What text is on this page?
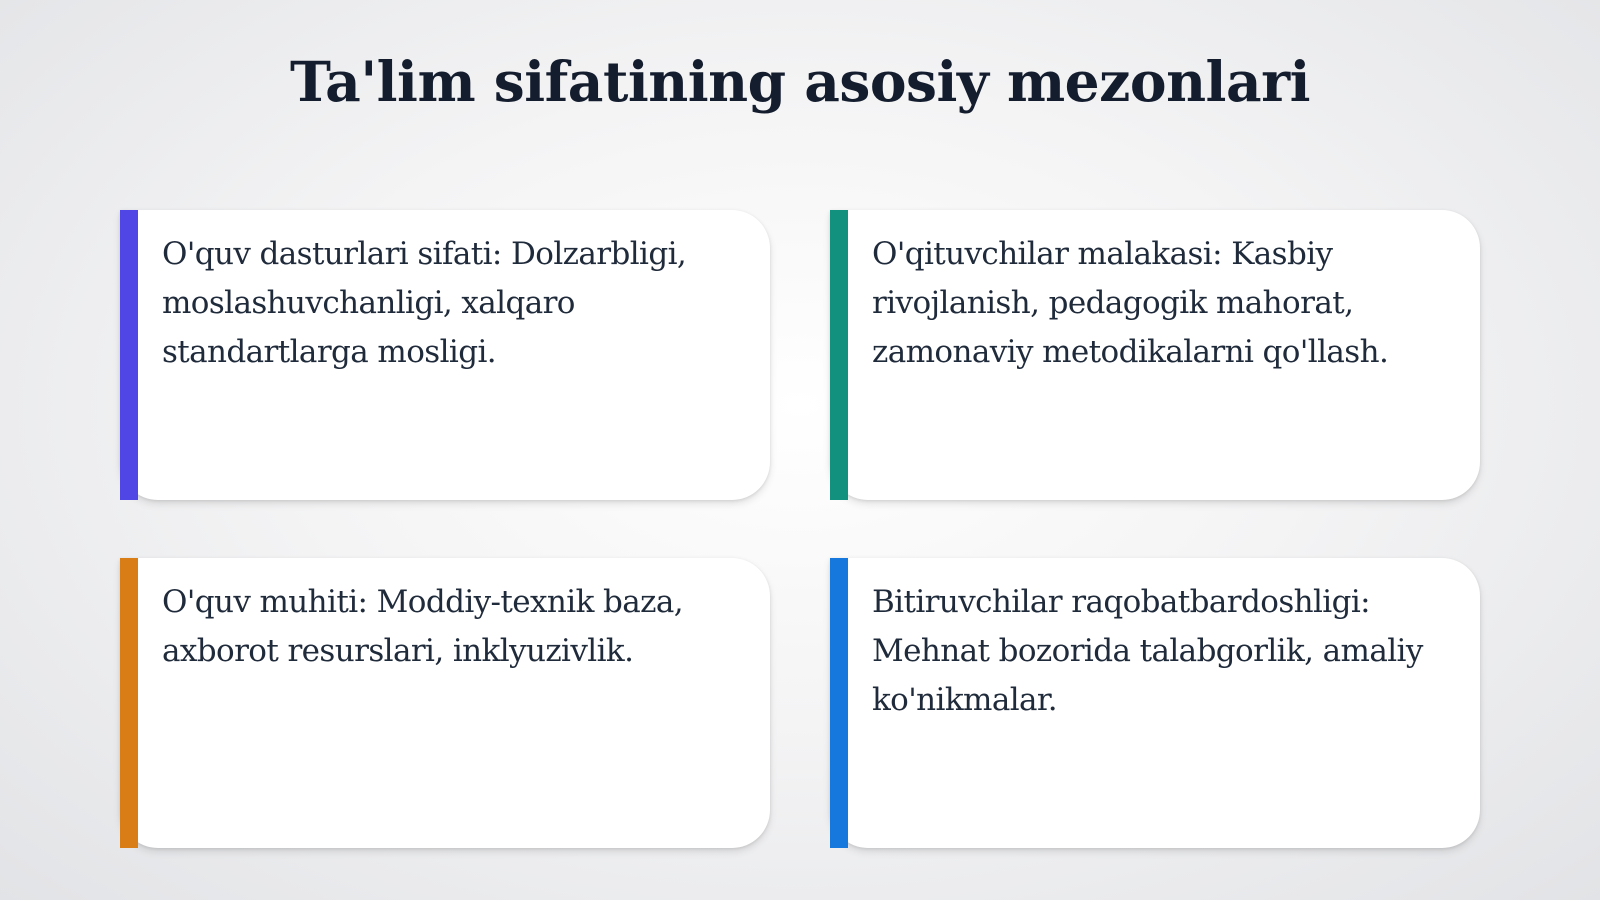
Ta'lim sifatining asosiy mezonlari

O'quv dasturlari sifati: Dolzarbligi, moslashuvchanligi, xalqaro standartlarga mosligi.

O'qituvchilar malakasi: Kasbiy rivojlanish, pedagogik mahorat, zamonaviy metodikalarni qo'llash.

O'quv muhiti: Moddiy-texnik baza, axborot resurslari, inklyuzivlik.

Bitiruvchilar raqobatbardoshligi: Mehnat bozorida talabgorlik, amaliy ko'nikmalar.
